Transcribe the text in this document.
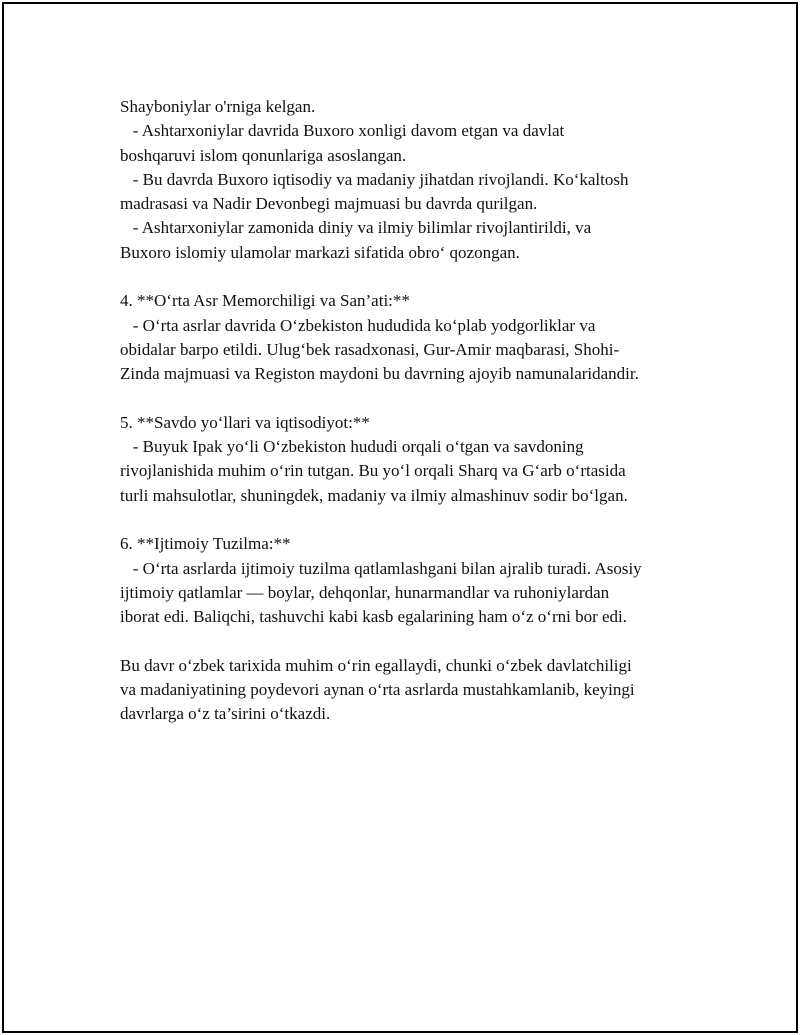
Shayboniylar o'rniga kelgan.
- Ashtarxoniylar davrida Buxoro xonligi davom etgan va davlat
boshqaruvi islom qonunlariga asoslangan.
- Bu davrda Buxoro iqtisodiy va madaniy jihatdan rivojlandi. Koʻkaltosh
madrasasi va Nadir Devonbegi majmuasi bu davrda qurilgan.
- Ashtarxoniylar zamonida diniy va ilmiy bilimlar rivojlantirildi, va
Buxoro islomiy ulamolar markazi sifatida obroʻ qozongan.
4. **Oʻrta Asr Memorchiligi va San’ati:**
- Oʻrta asrlar davrida Oʻzbekiston hududida koʻplab yodgorliklar va
obidalar barpo etildi. Ulugʻbek rasadxonasi, Gur-Amir maqbarasi, Shohi-
Zinda majmuasi va Registon maydoni bu davrning ajoyib namunalaridandir.
5. **Savdo yoʻllari va iqtisodiyot:**
- Buyuk Ipak yoʻli Oʻzbekiston hududi orqali oʻtgan va savdoning
rivojlanishida muhim oʻrin tutgan. Bu yoʻl orqali Sharq va Gʻarb oʻrtasida
turli mahsulotlar, shuningdek, madaniy va ilmiy almashinuv sodir boʻlgan.
6. **Ijtimoiy Tuzilma:**
- Oʻrta asrlarda ijtimoiy tuzilma qatlamlashgani bilan ajralib turadi. Asosiy
ijtimoiy qatlamlar — boylar, dehqonlar, hunarmandlar va ruhoniylardan
iborat edi. Baliqchi, tashuvchi kabi kasb egalarining ham oʻz oʻrni bor edi.
Bu davr oʻzbek tarixida muhim oʻrin egallaydi, chunki oʻzbek davlatchiligi
va madaniyatining poydevori aynan oʻrta asrlarda mustahkamlanib, keyingi
davrlarga oʻz ta’sirini oʻtkazdi.
